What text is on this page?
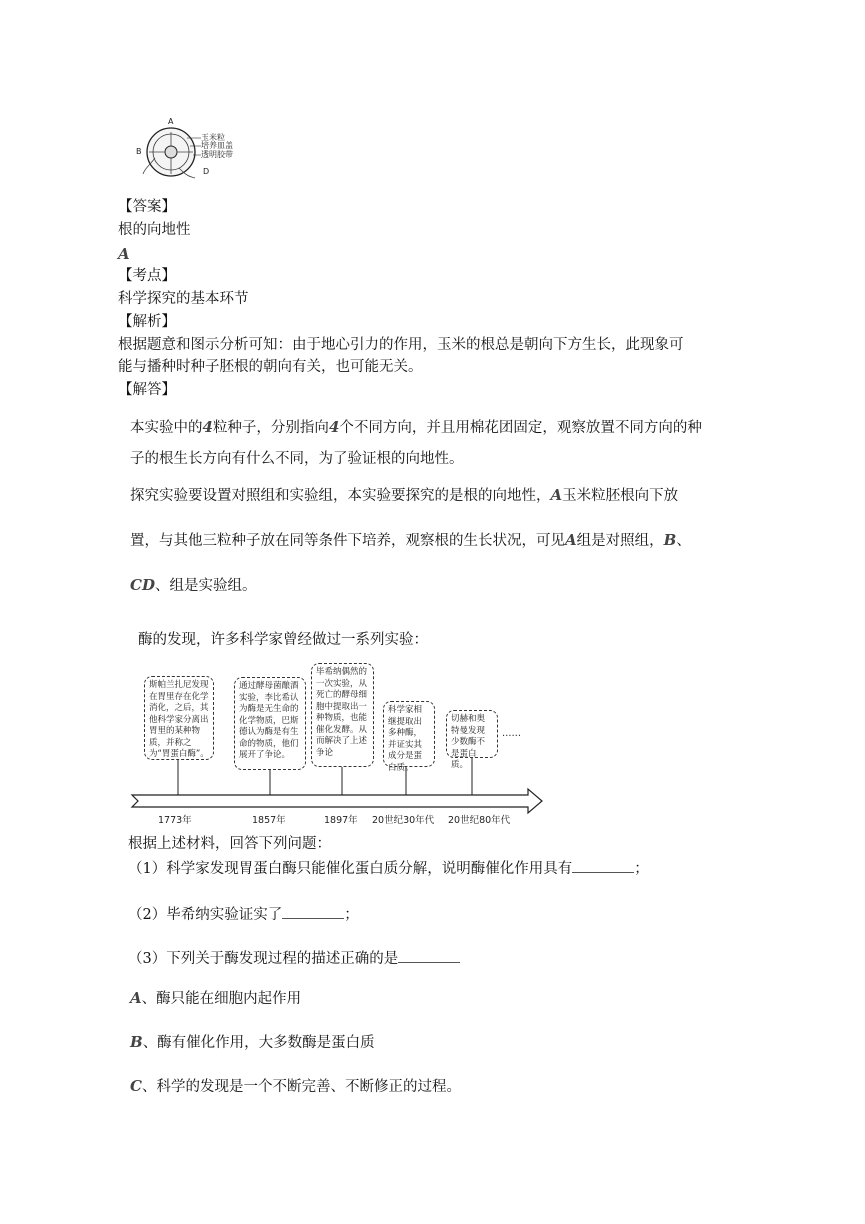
A
B
D
玉米粒
培养皿盖
透明胶带
【答案】
根的向地性
A
【考点】
科学探究的基本环节
【解析】
根据题意和图示分析可知：由于地心引力的作用，玉米的根总是朝向下方生长，此现象可
能与播种时种子胚根的朝向有关，也可能无关。
【解答】
本实验中的4粒种子，分别指向4个不同方向，并且用棉花团固定，观察放置不同方向的种
子的根生长方向有什么不同，为了验证根的向地性。
探究实验要设置对照组和实验组，本实验要探究的是根的向地性，A玉米粒胚根向下放
置，与其他三粒种子放在同等条件下培养，观察根的生长状况，可见A组是对照组，B、
CD、组是实验组。
酶的发现，许多科学家曾经做过一系列实验：
斯帕兰扎尼发现在胃里存在化学消化，之后，其他科学家分离出胃里的某种物质，并称之为“胃蛋白酶”。
通过酵母菌酿酒实验，李比希认为酶是无生命的化学物质，巴斯德认为酶是有生命的物质，他们展开了争论。
毕希纳偶然的一次实验，从死亡的酵母细胞中提取出一种物质，也能催化发酵。从而解决了上述争论
科学家相继提取出多种酶，并证实其成分是蛋白质。
切赫和奥特曼发现少数酶不是蛋白质。
……
1773年	1857年	1897年 20世纪30年代 20世纪80年代
根据上述材料，回答下列问题：
（1）科学家发现胃蛋白酶只能催化蛋白质分解，说明酶催化作用具有	；
（2）毕希纳实验证实了	；
（3）下列关于酶发现过程的描述正确的是
A、酶只能在细胞内起作用
B、酶有催化作用，大多数酶是蛋白质
C、科学的发现是一个不断完善、不断修正的过程。
